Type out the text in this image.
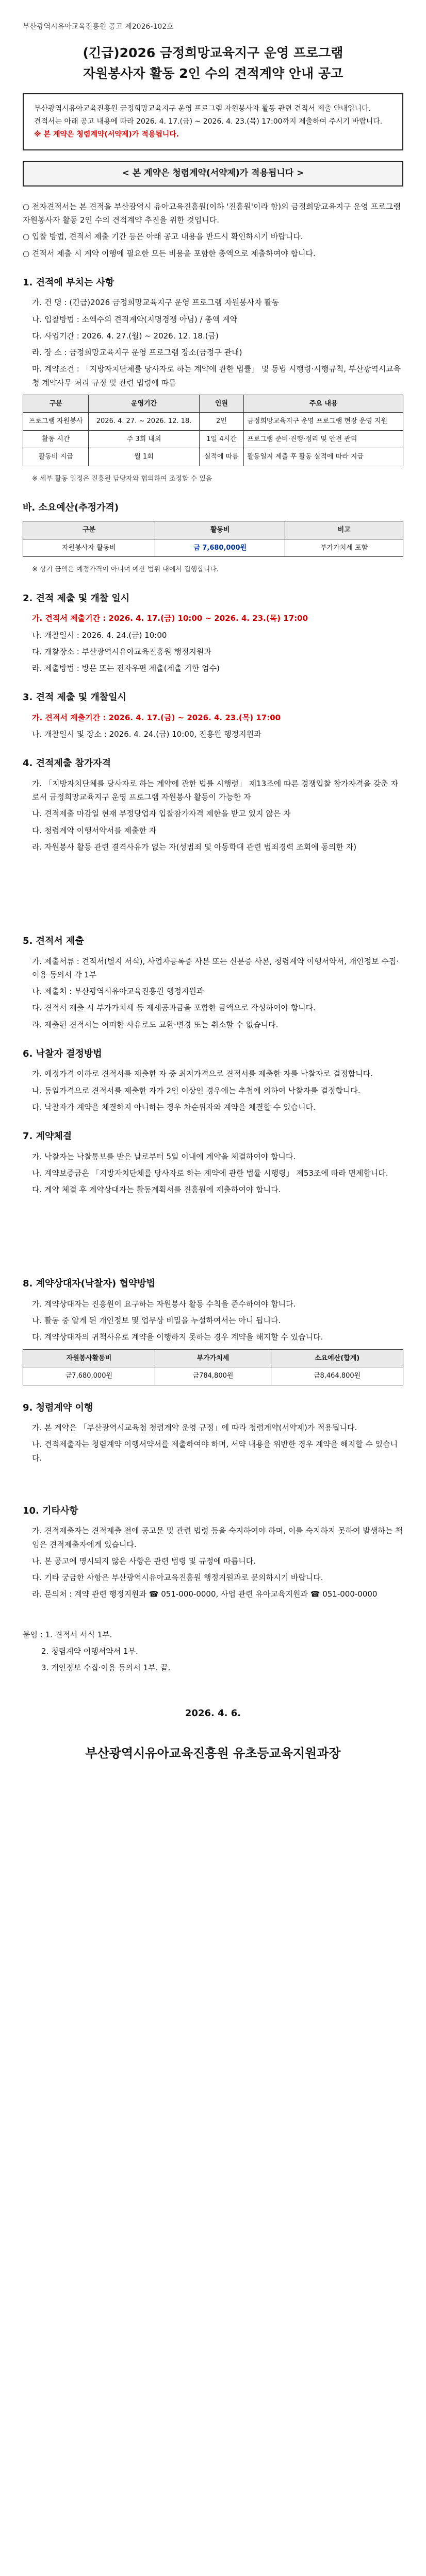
부산광역시유아교육진흥원 공고 제2026-102호
(긴급)2026 금정희망교육지구 운영 프로그램
자원봉사자 활동 2인 수의 견적계약 안내 공고
부산광역시유아교육진흥원 금정희망교육지구 운영 프로그램 자원봉사자 활동 관련 견적서 제출 안내입니다.
견적서는 아래 공고 내용에 따라 2026. 4. 17.(금) ~ 2026. 4. 23.(목) 17:00까지 제출하여 주시기 바랍니다.
※ 본 계약은 청렴계약(서약제)가 적용됩니다.
< 본 계약은 청렴계약(서약제)가 적용됩니다 >

○ 전자견적서는 본 견적을 부산광역시 유아교육진흥원(이하 '진흥원'이라 함)의 금정희망교육지구 운영 프로그램 자원봉사자 활동 2인 수의 견적계약 추진을 위한 것입니다.

○ 입찰 방법, 견적서 제출 기간 등은 아래 공고 내용을 반드시 확인하시기 바랍니다.

○ 견적서 제출 시 계약 이행에 필요한 모든 비용을 포함한 총액으로 제출하여야 합니다.

1. 견적에 부치는 사항

가. 건 명 : (긴급)2026 금정희망교육지구 운영 프로그램 자원봉사자 활동

나. 입찰방법 : 소액수의 견적계약(지명경쟁 아님) / 총액 계약

다. 사업기간 : 2026. 4. 27.(월) ~ 2026. 12. 18.(금)

라. 장 소 : 금정희망교육지구 운영 프로그램 장소(금정구 관내)

마. 계약조건 : 「지방자치단체를 당사자로 하는 계약에 관한 법률」 및 동법 시행령·시행규칙, 부산광역시교육청 계약사무 처리 규정 및 관련 법령에 따름

구분	운영기간	인원	주요 내용
프로그램 자원봉사	2026. 4. 27. ~ 2026. 12. 18.	2인	금정희망교육지구 운영 프로그램 현장 운영 지원
활동 시간	주 3회 내외	1일 4시간	프로그램 준비·진행·정리 및 안전 관리
활동비 지급	월 1회	실적에 따름	활동일지 제출 후 활동 실적에 따라 지급

※ 세부 활동 일정은 진흥원 담당자와 협의하여 조정할 수 있음

바. 소요예산(추정가격)
구분	활동비	비고
자원봉사자 활동비	금 7,680,000원	부가가치세 포함

※ 상기 금액은 예정가격이 아니며 예산 범위 내에서 집행합니다.

2. 견적 제출 및 개찰 일시

가. 견적서 제출기간 : 2026. 4. 17.(금) 10:00 ~ 2026. 4. 23.(목) 17:00

나. 개찰일시 : 2026. 4. 24.(금) 10:00

다. 개찰장소 : 부산광역시유아교육진흥원 행정지원과

라. 제출방법 : 방문 또는 전자우편 제출(제출 기한 엄수)

3. 견적 제출 및 개찰일시

가. 견적서 제출기간 : 2026. 4. 17.(금) ~ 2026. 4. 23.(목) 17:00

나. 개찰일시 및 장소 : 2026. 4. 24.(금) 10:00, 진흥원 행정지원과

4. 견적제출 참가자격

가. 「지방자치단체를 당사자로 하는 계약에 관한 법률 시행령」 제13조에 따른 경쟁입찰 참가자격을 갖춘 자로서 금정희망교육지구 운영 프로그램 자원봉사 활동이 가능한 자

나. 견적제출 마감일 현재 부정당업자 입찰참가자격 제한을 받고 있지 않은 자

다. 청렴계약 이행서약서를 제출한 자

라. 자원봉사 활동 관련 결격사유가 없는 자(성범죄 및 아동학대 관련 범죄경력 조회에 동의한 자)

5. 견적서 제출

가. 제출서류 : 견적서(별지 서식), 사업자등록증 사본 또는 신분증 사본, 청렴계약 이행서약서, 개인정보 수집·이용 동의서 각 1부

나. 제출처 : 부산광역시유아교육진흥원 행정지원과

다. 견적서 제출 시 부가가치세 등 제세공과금을 포함한 금액으로 작성하여야 합니다.

라. 제출된 견적서는 어떠한 사유로도 교환·변경 또는 취소할 수 없습니다.

6. 낙찰자 결정방법

가. 예정가격 이하로 견적서를 제출한 자 중 최저가격으로 견적서를 제출한 자를 낙찰자로 결정합니다.

나. 동일가격으로 견적서를 제출한 자가 2인 이상인 경우에는 추첨에 의하여 낙찰자를 결정합니다.

다. 낙찰자가 계약을 체결하지 아니하는 경우 차순위자와 계약을 체결할 수 있습니다.

7. 계약체결

가. 낙찰자는 낙찰통보를 받은 날로부터 5일 이내에 계약을 체결하여야 합니다.

나. 계약보증금은 「지방자치단체를 당사자로 하는 계약에 관한 법률 시행령」 제53조에 따라 면제합니다.

다. 계약 체결 후 계약상대자는 활동계획서를 진흥원에 제출하여야 합니다.

8. 계약상대자(낙찰자) 협약방법

가. 계약상대자는 진흥원이 요구하는 자원봉사 활동 수칙을 준수하여야 합니다.

나. 활동 중 알게 된 개인정보 및 업무상 비밀을 누설하여서는 아니 됩니다.

다. 계약상대자의 귀책사유로 계약을 이행하지 못하는 경우 계약을 해지할 수 있습니다.

자원봉사활동비	부가가치세	소요예산(합계)
금7,680,000원	금784,800원	금8,464,800원
9. 청렴계약 이행

가. 본 계약은 「부산광역시교육청 청렴계약 운영 규정」에 따라 청렴계약(서약제)가 적용됩니다.

나. 견적제출자는 청렴계약 이행서약서를 제출하여야 하며, 서약 내용을 위반한 경우 계약을 해지할 수 있습니다.

10. 기타사항

가. 견적제출자는 견적제출 전에 공고문 및 관련 법령 등을 숙지하여야 하며, 이를 숙지하지 못하여 발생하는 책임은 견적제출자에게 있습니다.

나. 본 공고에 명시되지 않은 사항은 관련 법령 및 규정에 따릅니다.

다. 기타 궁금한 사항은 부산광역시유아교육진흥원 행정지원과로 문의하시기 바랍니다.

라. 문의처 : 계약 관련 행정지원과 ☎ 051-000-0000, 사업 관련 유아교육지원과 ☎ 051-000-0000

붙임 : 1. 견적서 서식 1부.

2. 청렴계약 이행서약서 1부.

3. 개인정보 수집·이용 동의서 1부. 끝.

2026. 4. 6.
부산광역시유아교육진흥원 유초등교육지원과장
